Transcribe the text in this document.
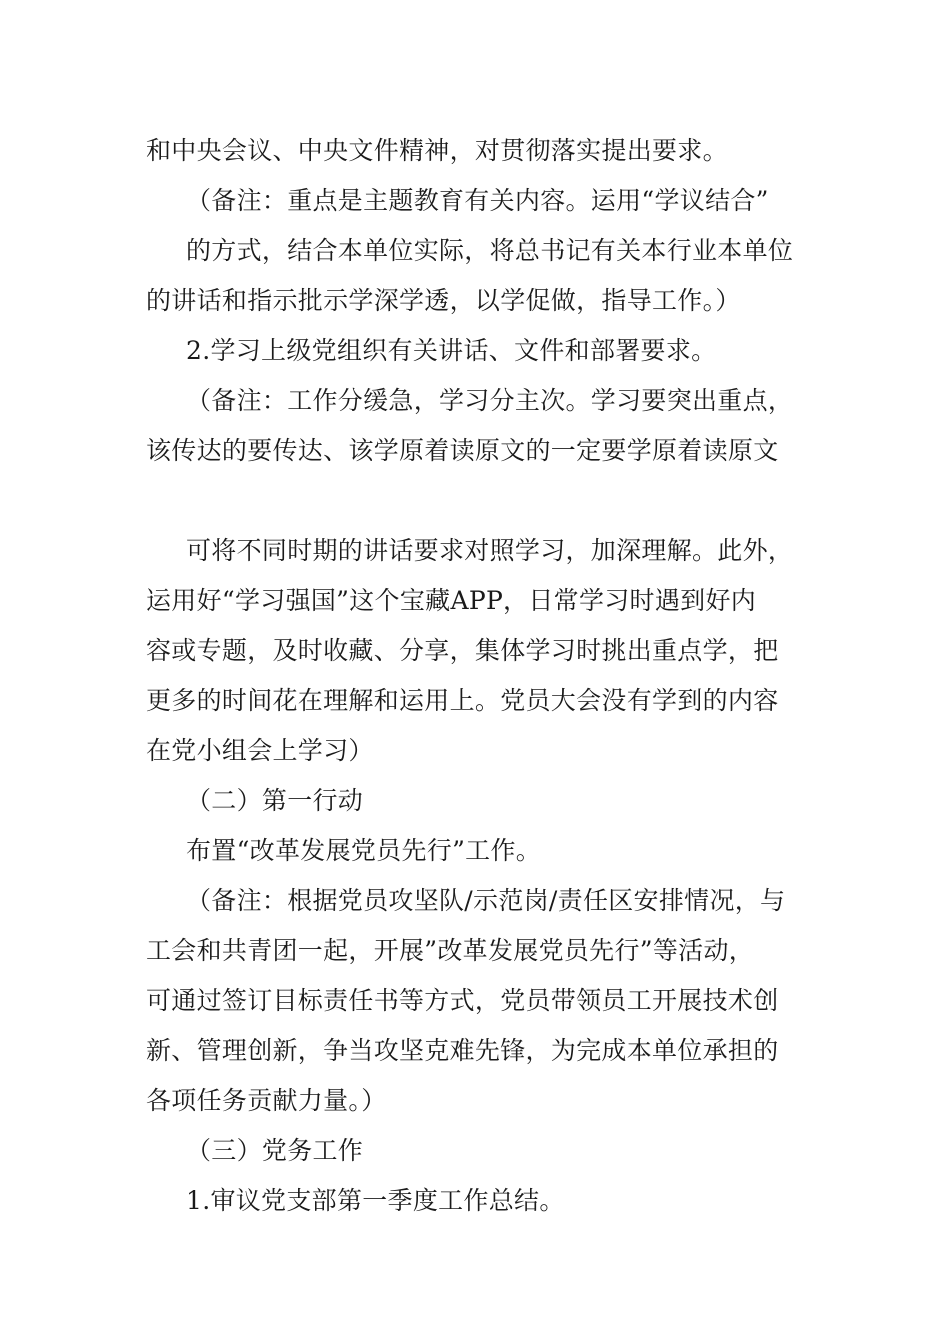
和中央会议、中央文件精神，对贯彻落实提出要求。
（备注：重点是主题教育有关内容。运用“学议结合”
的方式，结合本单位实际，将总书记有关本行业本单位
的讲话和指示批示学深学透，以学促做，指导工作。）
2.学习上级党组织有关讲话、文件和部署要求。
（备注：工作分缓急，学习分主次。学习要突出重点，
该传达的要传达、该学原着读原文的一定要学原着读原文
可将不同时期的讲话要求对照学习，加深理解。此外，
运用好“学习强国”这个宝藏APP，日常学习时遇到好内
容或专题，及时收藏、分享，集体学习时挑出重点学，把
更多的时间花在理解和运用上。党员大会没有学到的内容
在党小组会上学习）
（二）第一行动
布置“改革发展党员先行”工作。
（备注：根据党员攻坚队/示范岗/责任区安排情况，与
工会和共青团一起，开展”改革发展党员先行”等活动，
可通过签订目标责任书等方式，党员带领员工开展技术创
新、管理创新，争当攻坚克难先锋，为完成本单位承担的
各项任务贡献力量。）
（三）党务工作
1.审议党支部第一季度工作总结。
